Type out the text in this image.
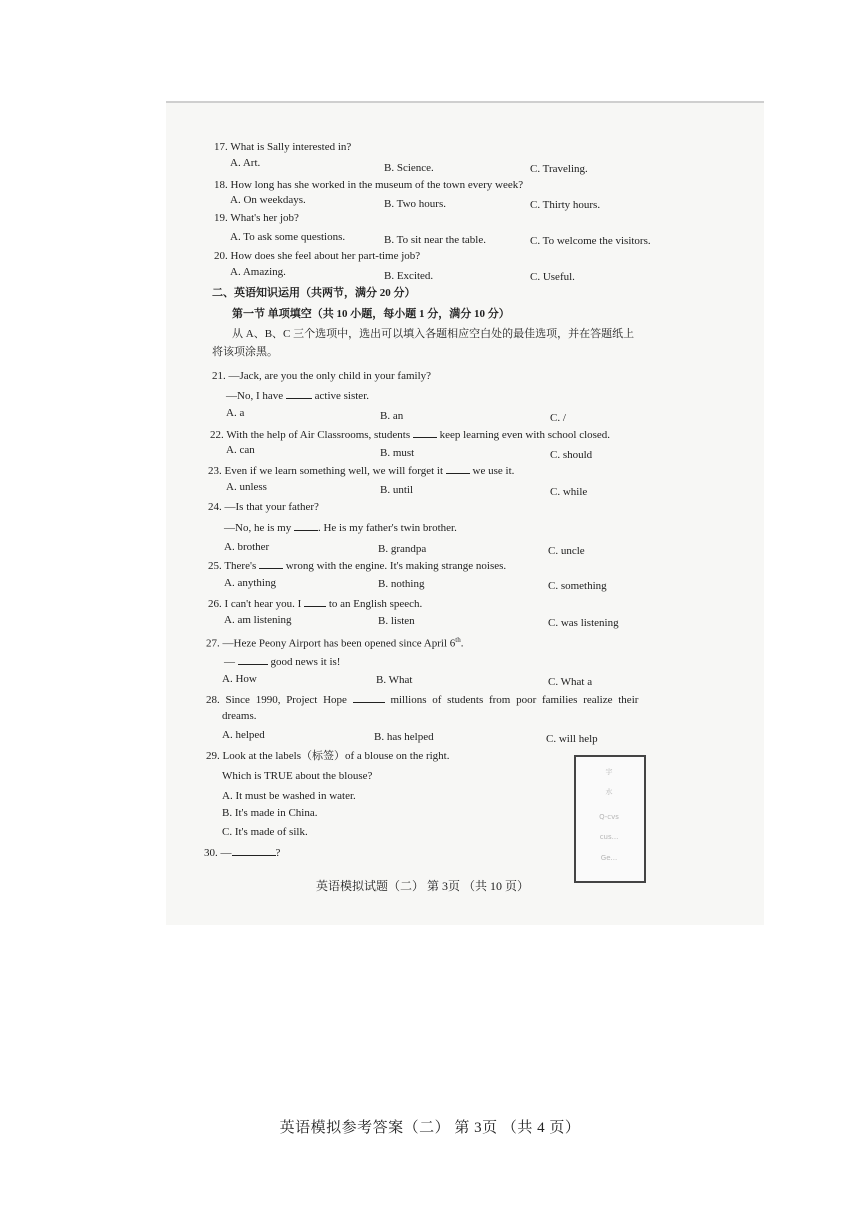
17. What is Sally interested in?
A. Art.	B. Science.	C. Traveling.
18. How long has she worked in the museum of the town every week?
A. On weekdays.	B. Two hours.	C. Thirty hours.
19. What's her job?
A. To ask some questions.	B. To sit near the table.	C. To welcome the visitors.
20. How does she feel about her part-time job?
A. Amazing.	B. Excited.	C. Useful.
二、英语知识运用（共两节，满分 20 分）
第一节 单项填空（共 10 小题，每小题 1 分，满分 10 分）
从 A、B、C 三个选项中，选出可以填入各题相应空白处的最佳选项，并在答题纸上
将该项涂黑。
21. —Jack, are you the only child in your family?
—No, I have	active sister.
A. a	B. an	C. /
22. With the help of Air Classrooms, students	keep learning even with school closed.
A. can	B. must	C. should
23. Even if we learn something well, we will forget it	we use it.
A. unless	B. until	C. while
24. —Is that your father?
—No, he is my . He is my father's twin brother.
A. brother	B. grandpa	C. uncle
25. There's	wrong with the engine. It's making strange noises.
A. anything	B. nothing	C. something
26. I can't hear you. I	to an English speech.
A. am listening	B. listen	C. was listening
27. —Heze Peony Airport has been opened since April 6th.
—	good news it is!
A. How	B. What	C. What a
28. Since 1990, Project Hope	millions of students from poor families realize their
dreams.
A. helped	B. has helped	C. will help
29. Look at the labels（标签）of a blouse on the right.
Which is TRUE about the blouse?
A. It must be washed in water.
B. It's made in China.
C. It's made of silk.
30. —	?
宇
水
Q-cvs
cus...
Ge...
英语模拟试题（二） 第 3页 （共 10 页）
英语模拟参考答案（二） 第 3页 （共 4 页）
